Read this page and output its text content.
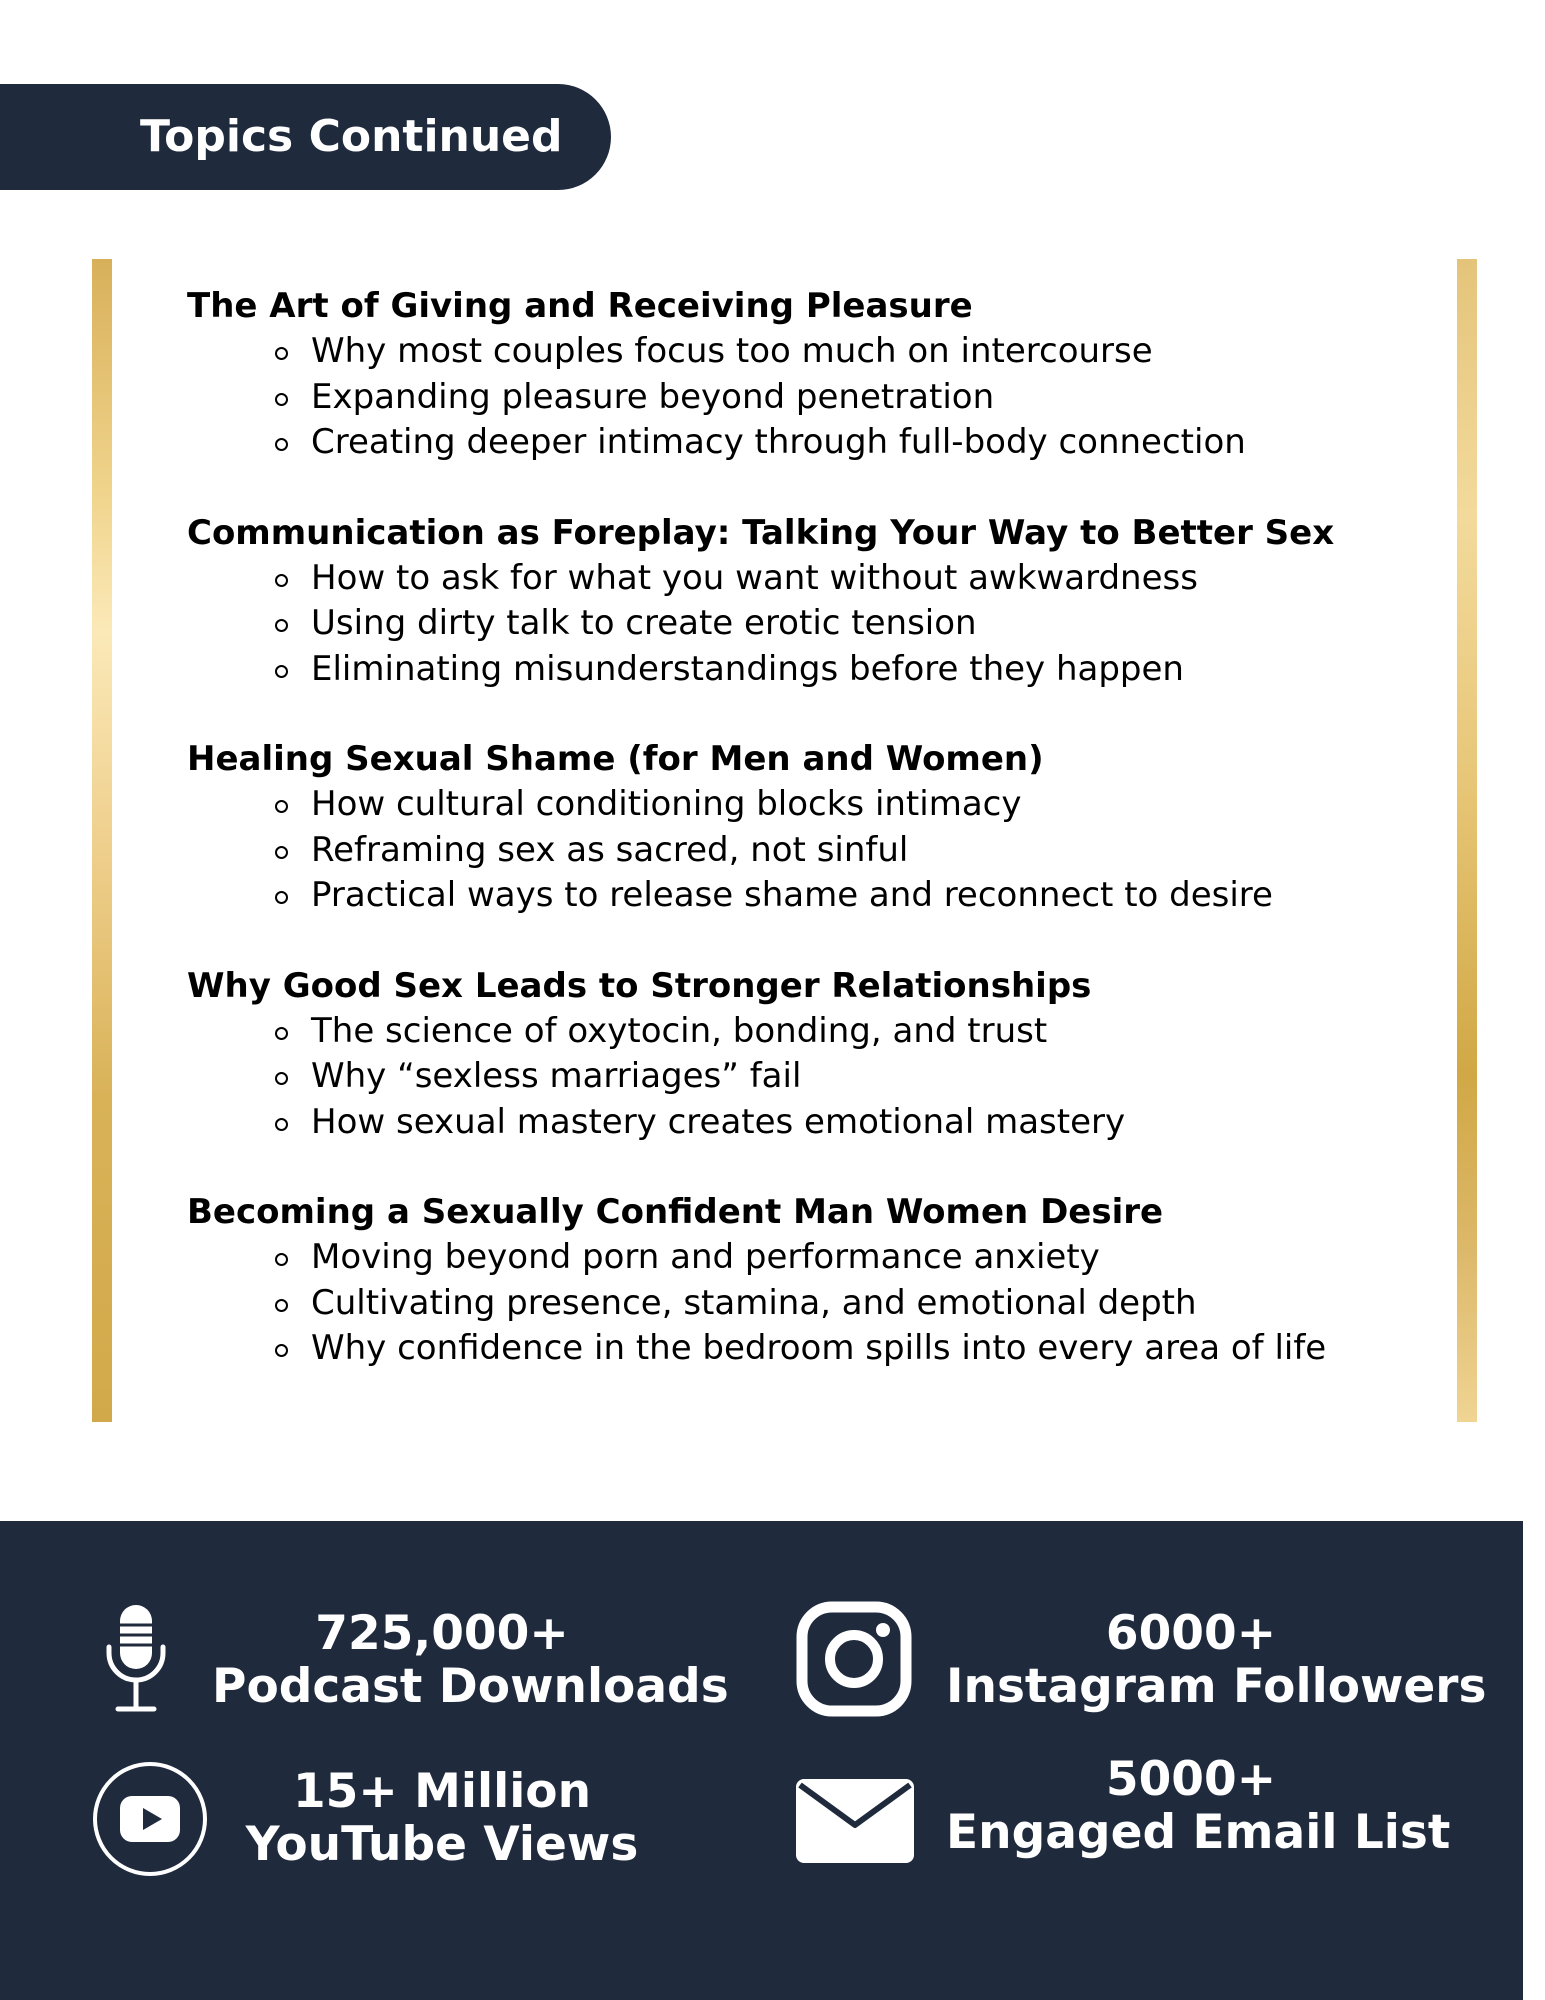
Topics Continued
The Art of Giving and Receiving Pleasure
Why most couples focus too much on intercourse
Expanding pleasure beyond penetration
Creating deeper intimacy through full-body connection
Communication as Foreplay: Talking Your Way to Better Sex
How to ask for what you want without awkwardness
Using dirty talk to create erotic tension
Eliminating misunderstandings before they happen
Healing Sexual Shame (for Men and Women)
How cultural conditioning blocks intimacy
Reframing sex as sacred, not sinful
Practical ways to release shame and reconnect to desire
Why Good Sex Leads to Stronger Relationships
The science of oxytocin, bonding, and trust
Why “sexless marriages” fail
How sexual mastery creates emotional mastery
Becoming a Sexually Confident Man Women Desire
Moving beyond porn and performance anxiety
Cultivating presence, stamina, and emotional depth
Why confidence in the bedroom spills into every area of life
725,000+
Podcast Downloads
6000+
Instagram Followers
15+ Million
YouTube Views
5000+
Engaged Email List
